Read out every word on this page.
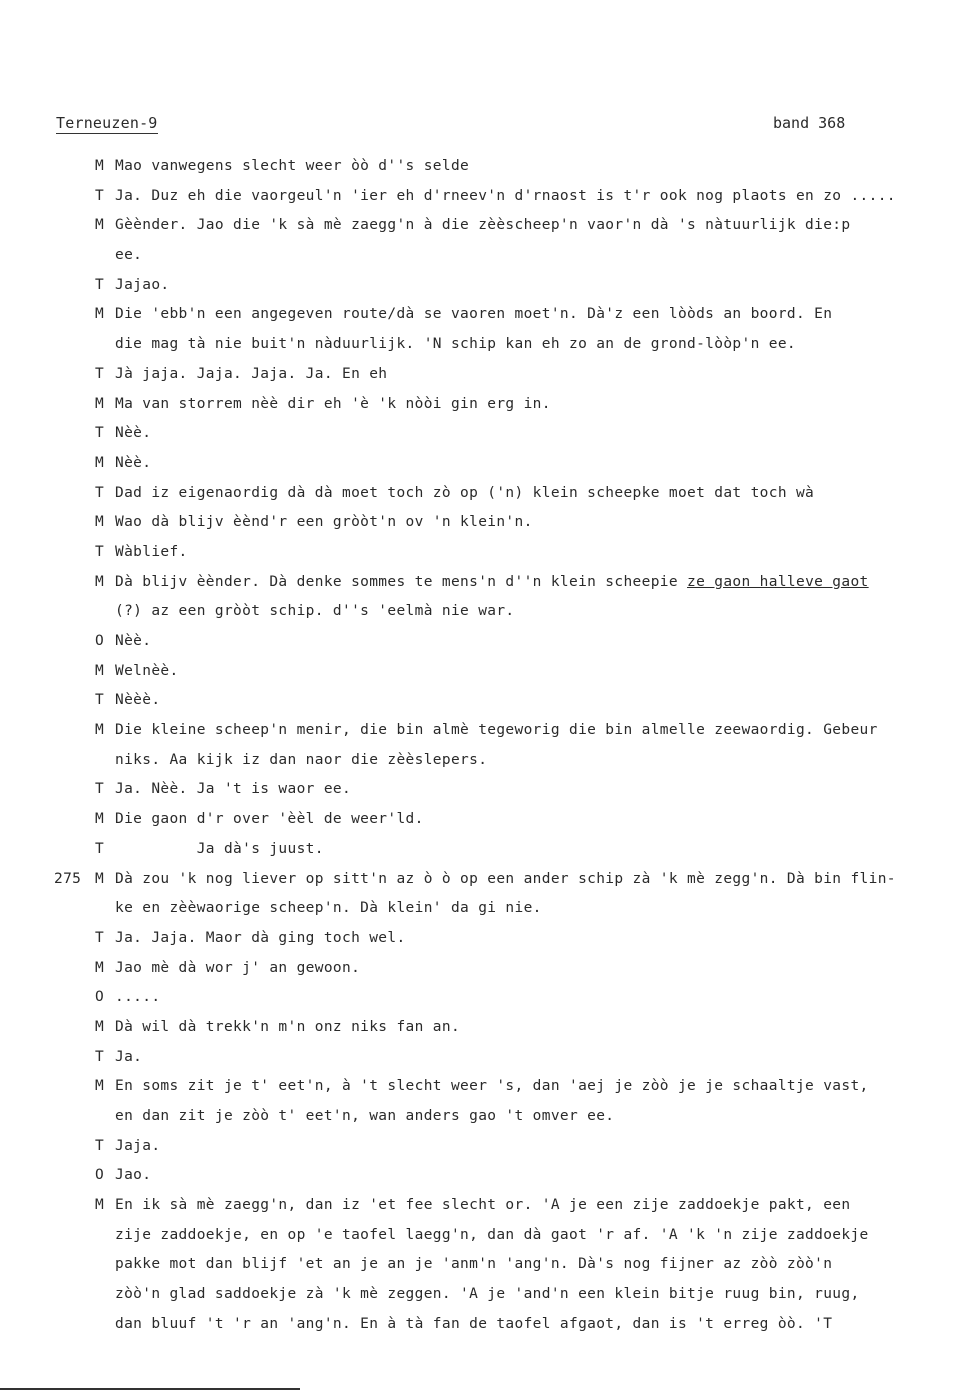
Terneuzen-9	band 368
M Mao vanwegens slecht weer òò d''s selde
T Ja. Duz eh die vaorgeul'n 'ier eh d'rneev'n d'rnaost is t'r ook nog plaots en zo .....
M Gèènder. Jao die 'k sà mè zaegg'n à die zèèscheep'n vaor'n dà 's nàtuurlijk die:p
ee.
T Jajao.
M Die 'ebb'n een angegeven route/dà se vaoren moet'n. Dà'z een lòòds an boord. En
die mag tà nie buit'n nàduurlijk. 'N schip kan eh zo an de grond-lòòp'n ee.
T Jà jaja. Jaja. Jaja. Ja. En eh
M Ma van storrem nèè dir eh 'è 'k nòòi gin erg in.
T Nèè.
M Nèè.
T Dad iz eigenaordig dà dà moet toch zò op ('n) klein scheepke moet dat toch wà
M Wao dà blijv èènd'r een gròòt'n ov 'n klein'n.
T Wàblief.
M Dà blijv èènder. Dà denke sommes te mens'n d''n klein scheepie ze gaon halleve gaot
(?) az een gròòt schip. d''s 'eelmà nie war.
O Nèè.
M Welnèè.
T Nèèè.
M Die kleine scheep'n menir, die bin almè tegeworig die bin almelle zeewaordig. Gebeur
niks. Aa kijk iz dan naor die zèèslepers.
T Ja. Nèè. Ja 't is waor ee.
M Die gaon d'r over 'èèl de weer'ld.
T Ja dà's juust.
275 M Dà zou 'k nog liever op sitt'n az ò ò op een ander schip zà 'k mè zegg'n. Dà bin flin-
ke en zèèwaorige scheep'n. Dà klein' da gi nie.
T Ja. Jaja. Maor dà ging toch wel.
M Jao mè dà wor j' an gewoon.
O .....
M Dà wil dà trekk'n m'n onz niks fan an.
T Ja.
M En soms zit je t' eet'n, à 't slecht weer 's, dan 'aej je zòò je je schaaltje vast,
en dan zit je zòò t' eet'n, wan anders gao 't omver ee.
T Jaja.
O Jao.
M En ik sà mè zaegg'n, dan iz 'et fee slecht or. 'A je een zije zaddoekje pakt, een
zije zaddoekje, en op 'e taofel laegg'n, dan dà gaot 'r af. 'A 'k 'n zije zaddoekje
pakke mot dan blijf 'et an je an je 'anm'n 'ang'n. Dà's nog fijner az zòò zòò'n
zòò'n glad saddoekje zà 'k mè zeggen. 'A je 'and'n een klein bitje ruug bin, ruug,
dan bluuf 't 'r an 'ang'n. En à tà fan de taofel afgaot, dan is 't erreg òò. 'T
